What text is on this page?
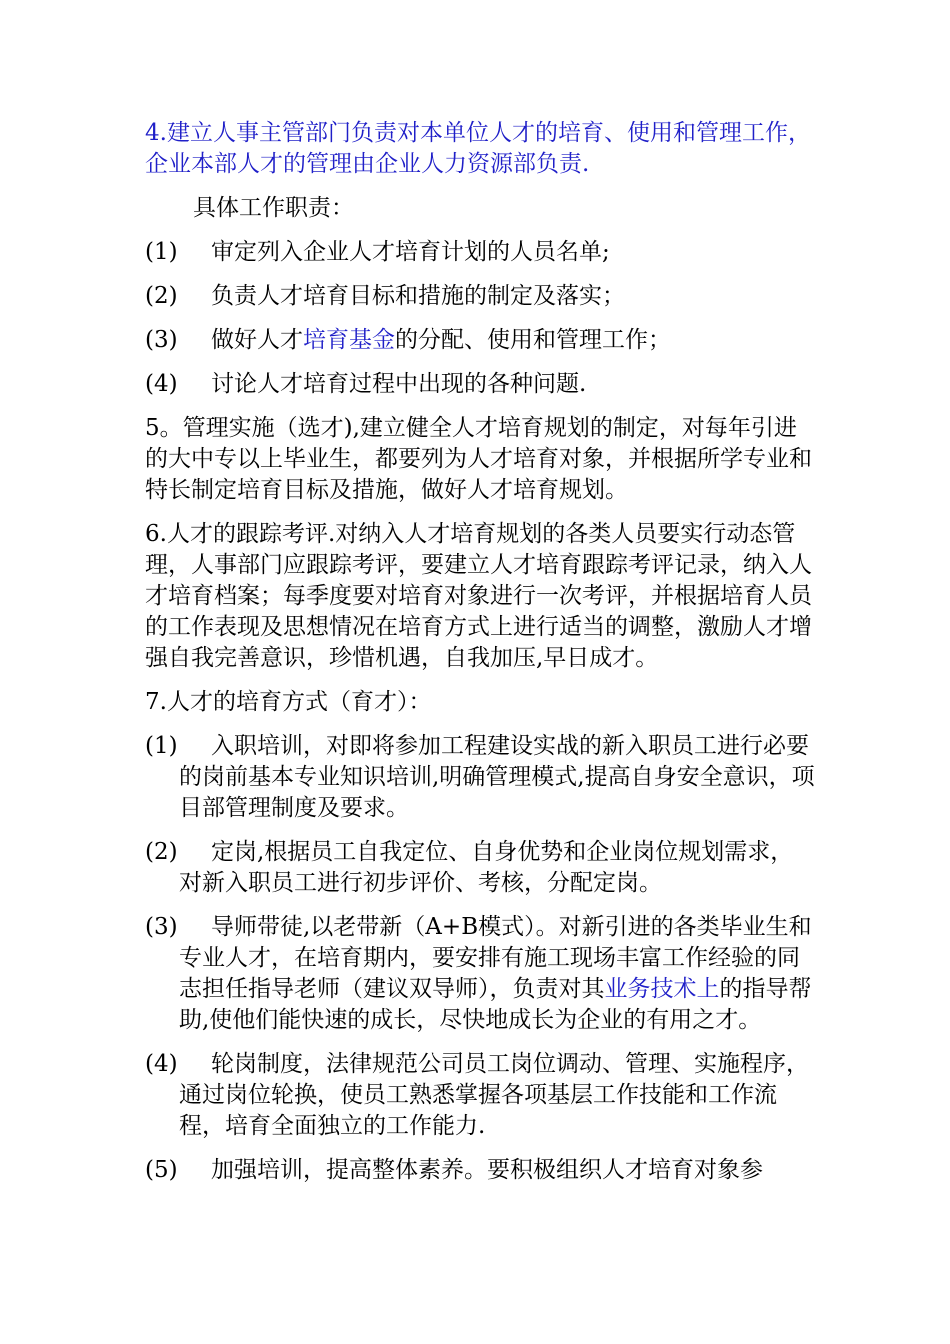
4.建立人事主管部门负责对本单位人才的培育、使用和管理工作，企业本部人才的管理由企业人力资源部负责.

具体工作职责：

(1)	审定列入企业人才培育计划的人员名单;
(2)	负责人才培育目标和措施的制定及落实；
(3)	做好人才培育基金的分配、使用和管理工作；
(4)	讨论人才培育过程中出现的各种问题.

5。管理实施（选才),建立健全人才培育规划的制定，对每年引进的大中专以上毕业生，都要列为人才培育对象，并根据所学专业和特长制定培育目标及措施，做好人才培育规划。

6.人才的跟踪考评.对纳入人才培育规划的各类人员要实行动态管理，人事部门应跟踪考评，要建立人才培育跟踪考评记录，纳入人才培育档案；每季度要对培育对象进行一次考评，并根据培育人员的工作表现及思想情况在培育方式上进行适当的调整，激励人才增强自我完善意识，珍惜机遇，自我加压,早日成才。

7.人才的培育方式（育才）：

(1)	入职培训，对即将参加工程建设实战的新入职员工进行必要的岗前基本专业知识培训,明确管理模式,提高自身安全意识，项目部管理制度及要求。
(2)	定岗,根据员工自我定位、自身优势和企业岗位规划需求，对新入职员工进行初步评价、考核，分配定岗。
(3)	导师带徒,以老带新（A+B模式）。对新引进的各类毕业生和专业人才，在培育期内，要安排有施工现场丰富工作经验的同志担任指导老师（建议双导师），负责对其业务技术上的指导帮助,使他们能快速的成长，尽快地成长为企业的有用之才。
(4)	轮岗制度，法律规范公司员工岗位调动、管理、实施程序，通过岗位轮换，使员工熟悉掌握各项基层工作技能和工作流程，培育全面独立的工作能力.
(5)	加强培训，提高整体素养。要积极组织人才培育对象参
